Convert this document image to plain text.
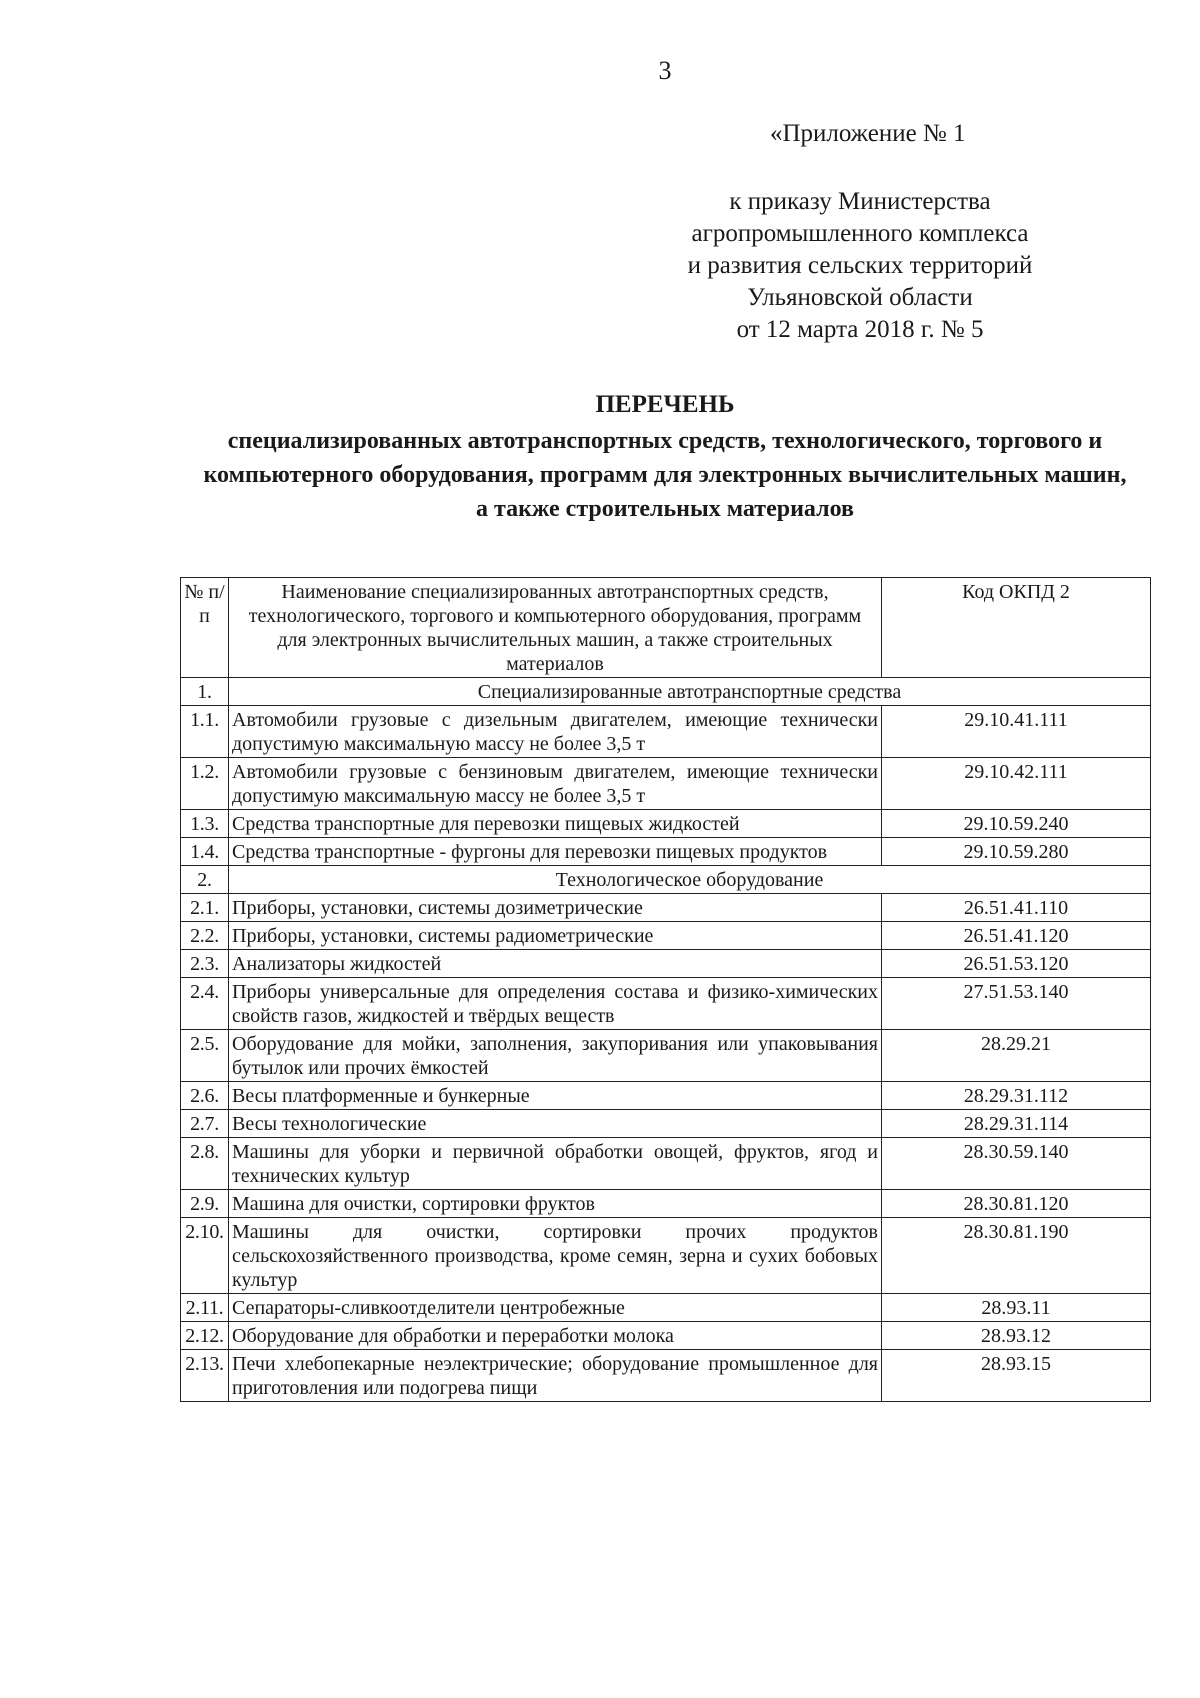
3
«Приложение № 1
к приказу Министерства
агропромышленного комплекса
и развития сельских территорий
Ульяновской области
от 12 марта 2018 г. № 5
ПЕРЕЧЕНЬ
специализированных автотранспортных средств, технологического, торгового и компьютерного оборудования, программ для электронных вычислительных машин, а также строительных материалов
№ п/п	Наименование специализированных автотранспортных средств, технологического, торгового и компьютерного оборудования, программ для электронных вычислительных машин, а также строительных материалов	Код ОКПД 2
1.	Специализированные автотранспортные средства	
1.1.	Автомобили грузовые с дизельным двигателем, имеющие технически допустимую максимальную массу не более 3,5 т	29.10.41.111
1.2.	Автомобили грузовые с бензиновым двигателем, имеющие технически допустимую максимальную массу не более 3,5 т	29.10.42.111
1.3.	Средства транспортные для перевозки пищевых жидкостей	29.10.59.240
1.4.	Средства транспортные - фургоны для перевозки пищевых продуктов	29.10.59.280
2.	Технологическое оборудование	
2.1.	Приборы, установки, системы дозиметрические	26.51.41.110
2.2.	Приборы, установки, системы радиометрические	26.51.41.120
2.3.	Анализаторы жидкостей	26.51.53.120
2.4.	Приборы универсальные для определения состава и физико-химических свойств газов, жидкостей и твёрдых веществ	27.51.53.140
2.5.	Оборудование для мойки, заполнения, закупоривания или упаковывания бутылок или прочих ёмкостей	28.29.21
2.6.	Весы платформенные и бункерные	28.29.31.112
2.7.	Весы технологические	28.29.31.114
2.8.	Машины для уборки и первичной обработки овощей, фруктов, ягод и технических культур	28.30.59.140
2.9.	Машина для очистки, сортировки фруктов	28.30.81.120
2.10.	Машины для очистки, сортировки прочих продуктов сельскохозяйственного производства, кроме семян, зерна и сухих бобовых культур	28.30.81.190
2.11.	Сепараторы-сливкоотделители центробежные	28.93.11
2.12.	Оборудование для обработки и переработки молока	28.93.12
2.13.	Печи хлебопекарные неэлектрические; оборудование промышленное для приготовления или подогрева пищи	28.93.15
